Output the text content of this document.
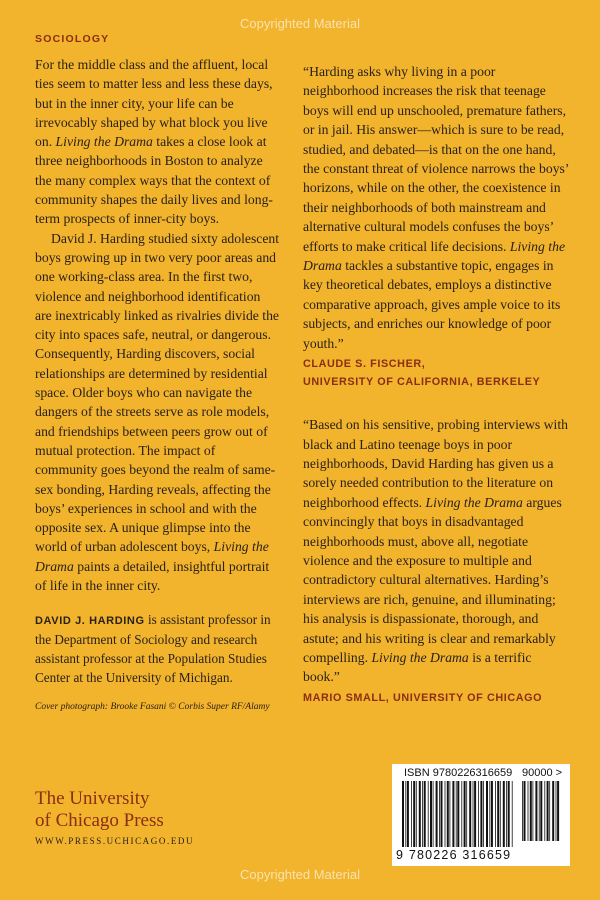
Copyrighted Material
SOCIOLOGY

For the middle class and the affluent, local ties seem to matter less and less these days, but in the inner city, your life can be irrevocably shaped by what block you live on. Living the Drama takes a close look at three neighborhoods in Boston to analyze the many complex ways that the context of community shapes the daily lives and long-term prospects of inner-city boys.

David J. Harding studied sixty adolescent boys growing up in two very poor areas and one working-class area. In the first two, violence and neighborhood identification are inextricably linked as rivalries divide the city into spaces safe, neutral, or dangerous. Consequently, Harding discovers, social relationships are determined by residential space. Older boys who can navigate the dangers of the streets serve as role models, and friendships between peers grow out of mutual protection. The impact of community goes beyond the realm of same-sex bonding, Harding reveals, affecting the boys’ experiences in school and with the opposite sex. A unique glimpse into the world of urban adolescent boys, Living the Drama paints a detailed, insightful portrait of life in the inner city.

DAVID J. HARDING is assistant professor in the Department of Sociology and research assistant professor at the Population Studies Center at the University of Michigan.

Cover photograph: Brooke Fasani © Corbis Super RF/Alamy

The University
of Chicago Press
WWW.PRESS.UCHICAGO.EDU

“Harding asks why living in a poor neighborhood increases the risk that teenage boys will end up unschooled, premature fathers, or in jail. His answer—which is sure to be read, studied, and debated—is that on the one hand, the constant threat of violence narrows the boys’ horizons, while on the other, the coexistence in their neighborhoods of both mainstream and alternative cultural models confuses the boys’ efforts to make critical life decisions. Living the Drama tackles a substantive topic, engages in key theoretical debates, employs a distinctive comparative approach, gives ample voice to its subjects, and enriches our knowledge of poor youth.”

CLAUDE S. FISCHER,
UNIVERSITY OF CALIFORNIA, BERKELEY

“Based on his sensitive, probing interviews with black and Latino teenage boys in poor neighborhoods, David Harding has given us a sorely needed contribution to the literature on neighborhood effects. Living the Drama argues convincingly that boys in disadvantaged neighborhoods must, above all, negotiate violence and the exposure to multiple and contradictory cultural alternatives. Harding’s interviews are rich, genuine, and illuminating; his analysis is dispassionate, thorough, and astute; and his writing is clear and remarkably compelling. Living the Drama is a terrific book.”

MARIO SMALL, UNIVERSITY OF CHICAGO
ISBN 9780226316659 90000 >
9 780226 316659
Copyrighted Material
